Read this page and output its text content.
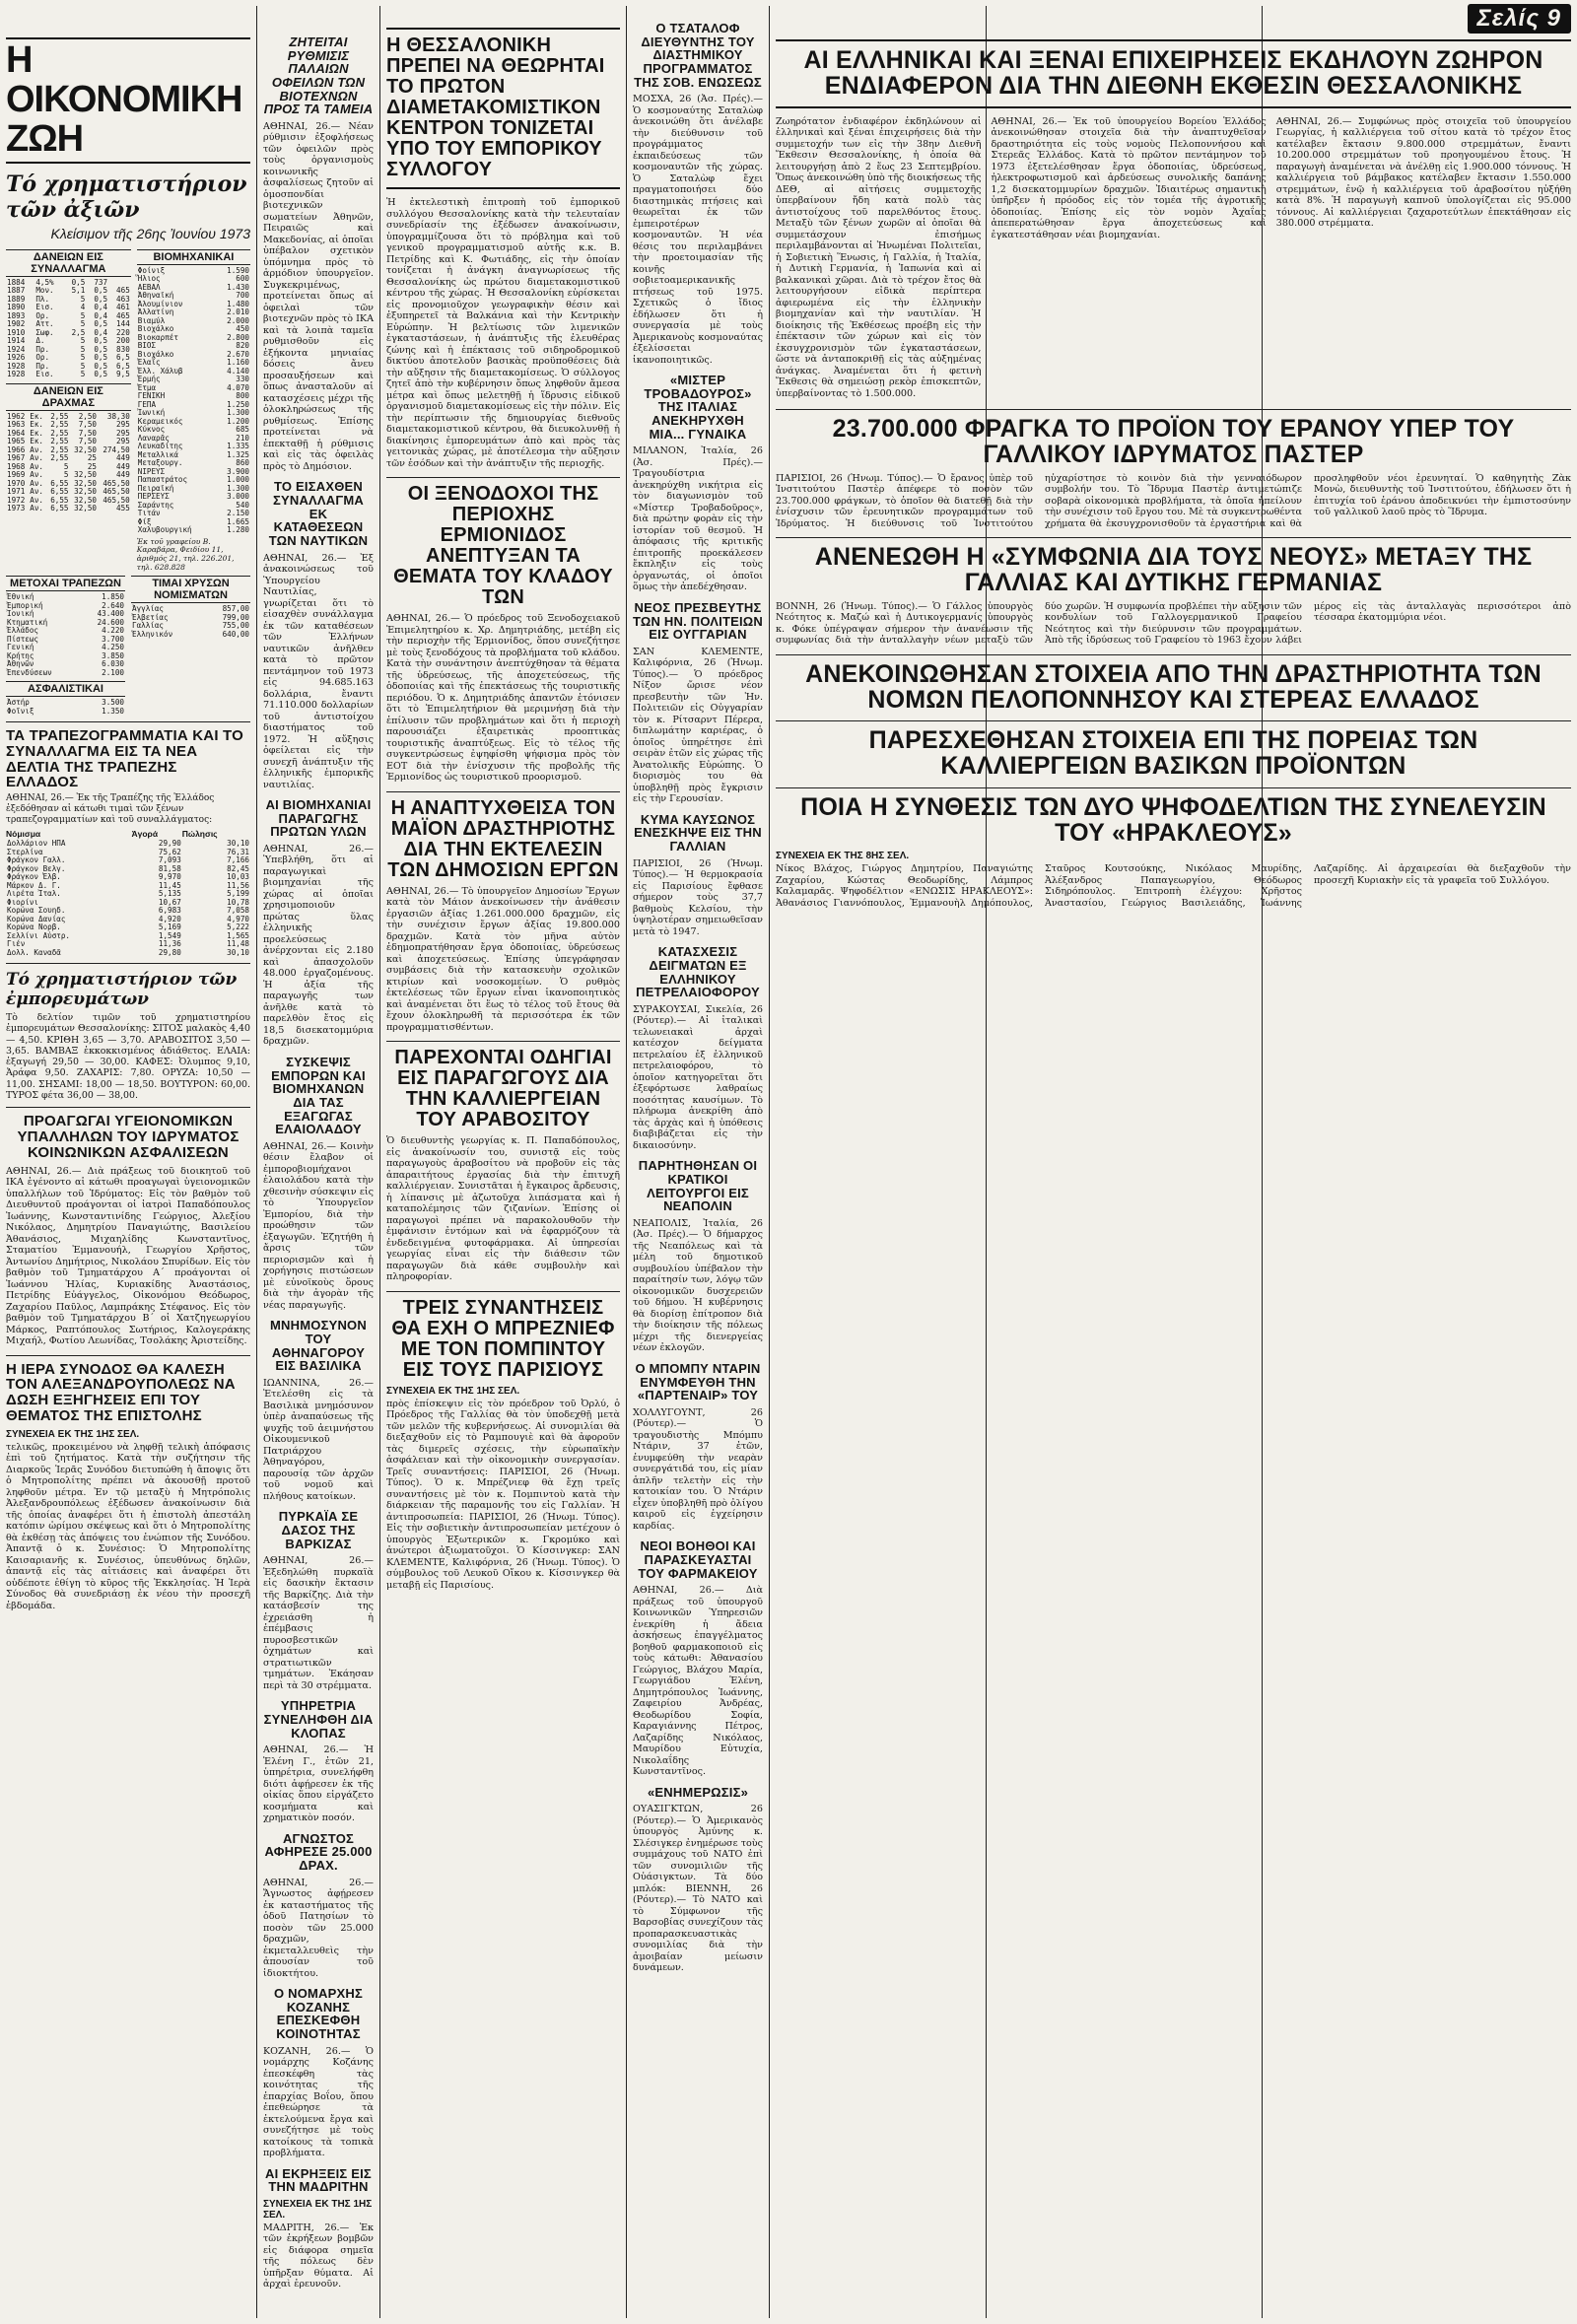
Η ΟΙΚΟΝΟΜΙΚΗ ΖΩΗ
Τό χρηματιστήριον τῶν ἀξιῶν
Κλείσιμον τῆς 26ης Ἰουνίου 1973
ΔΑΝΕΙΩΝ ΕΙΣ ΣΥΝΑΛΛΑΓΜΑ
1884	4,5%	0,5	737	
1887	Μον.	5,1	0,5	465
1889	Πλ.	5	0,5	463
1890	Εισ.	4	0,4	461
1893	Ορ.	5	0,4	465
1902	Αττ.	5	0,5	144
1910	Σωφ.	2,5	0,4	220
1914	Δ.	5	0,5	200
1924	Πρ.	5	0,5	830
1926	Ορ.	5	0,5	6,5
1928	Πρ.	5	0,5	6,5
1928	Εισ.	5	0,5	9,5
ΔΑΝΕΙΩΝ ΕΙΣ ΔΡΑΧΜΑΣ
1962	Εκ.	2,55	2,50	38,30
1963	Εκ.	2,55	7,50	295
1964	Εκ.	2,55	7,50	295
1965	Εκ.	2,55	7,50	295
1966	Αν.	2,55	32,50	274,50
1967	Αν.	2,55	25	449
1968	Αν.	5	25	449
1969	Αν.	5	32,50	449
1970	Αν.	6,55	32,50	465,50
1971	Αν.	6,55	32,50	465,50
1972	Αν.	6,55	32,50	465,50
1973	Αν.	6,55	32,50	455
ΒΙΟΜΗΧΑΝΙΚΑΙ
Φοίνιξ	1.590
Ἥλιος	600
ΑΕΒΑΛ	1.430
Ἀθηναϊκή	700
Ἀλουμίνιον	1.480
Ἀλλατίνη	2.010
Βιαμύλ	2.000
Βιοχάλκο	450
Βιοκαρπέτ	2.800
ΒΙΟΣ	820
Βιοχάλκο	2.670
Ἐλαΐς	1.160
Ἐλλ. Χάλυβ	4.140
Ἑρμής	330
Ἐτμα	4.070
ΓΕΝΙΚΗ	800
ΓΕΠΑ	1.250
Ἰωνική	1.300
Κεραμεικός	1.200
Κύκνος	685
Λαναρᾶς	210
Λευκαδίτης	1.335
Μεταλλικά	1.325
Μεταξουργ.	860
ΝΙΡΕΥΣ	3.900
Παπαστράτος	1.000
Πειραϊκή	1.300
ΠΕΡΣΕΥΣ	3.000
Σαράντης	540
Τιτάν	2.150
Φίξ	1.665
Χαλυβουργική	1.280

Ἐκ τοῦ γραφείου Β. Καραβάρα, Φειδίου 11, ἀριθμός 21, τηλ. 226.201, τηλ. 628.828

ΜΕΤΟΧΑΙ ΤΡΑΠΕΖΩΝ
Ἐθνική	1.850
Ἐμπορική	2.640
Ἰονική	43.400
Κτηματική	24.600
Ἐλλάδος	4.220
Πίστεως	3.700
Γενική	4.250
Κρήτης	3.850
Ἀθηνῶν	6.030
Ἐπενδύσεων	2.100
ΑΣΦΑΛΙΣΤΙΚΑΙ
Ἀστήρ	3.500
Φοῖνιξ	1.350
ΤΙΜΑΙ ΧΡΥΣΩΝ ΝΟΜΙΣΜΑΤΩΝ
Ἀγγλίας	857,00
Ἐλβετίας	799,00
Γαλλίας	755,00
Ἑλληνικόν	640,00
ΤΑ ΤΡΑΠΕΖΟΓΡΑΜΜΑΤΙΑ ΚΑΙ ΤΟ ΣΥΝΑΛΛΑΓΜΑ ΕΙΣ ΤΑ ΝΕΑ ΔΕΛΤΙΑ ΤΗΣ ΤΡΑΠΕΖΗΣ ΕΛΛΑΔΟΣ

ΑΘΗΝΑΙ, 26.— Ἐκ τῆς Τραπέζης τῆς Ἑλλάδος ἐξεδόθησαν αἱ κάτωθι τιμαὶ τῶν ξένων τραπεζογραμματίων καὶ τοῦ συναλλάγματος:

Νόμισμα	Ἀγορά	Πώλησις
Δολλάριον ΗΠΑ	29,90	30,10
Στερλίνα	75,62	76,31
Φράγκον Γαλλ.	7,093	7,166
Φράγκον Βελγ.	81,58	82,45
Φράγκον Ἐλβ.	9,970	10,03
Μάρκον Δ. Γ.	11,45	11,56
Λιρέτα Ἰταλ.	5,135	5,199
Φιορίνι	10,67	10,78
Κορώνα Σουηδ.	6,983	7,058
Κορώνα Δανίας	4,920	4,970
Κορώνα Νορβ.	5,169	5,222
Σελλίνι Αὐστρ.	1,549	1,565
Γιέν	11,36	11,48
Δολλ. Καναδᾶ	29,80	30,10
Τό χρηματιστήριον τῶν ἐμπορευμάτων

Τὸ δελτίον τιμῶν τοῦ χρηματιστηρίου ἐμπορευμάτων Θεσσαλονίκης: ΣΙΤΟΣ μαλακὸς 4,40 — 4,50. ΚΡΙΘΗ 3,65 — 3,70. ΑΡΑΒΟΣΙΤΟΣ 3,50 — 3,65. ΒΑΜΒΑΞ ἐκκοκκισμένος ἀδιάθετος. ΕΛΑΙΑ: ἐξαγωγή 29,50 — 30,00. ΚΑΦΕΣ: Ὀλυμπος 9,10, Ἀράφα 9,50. ΖΑΧΑΡΙΣ: 7,80. ΟΡΥΖΑ: 10,50 — 11,00. ΣΗΣΑΜΙ: 18,00 — 18,50. ΒΟΥΤΥΡΟΝ: 60,00. ΤΥΡΟΣ φέτα 36,00 — 38,00.

ΠΡΟΑΓΩΓΑΙ ΥΓΕΙΟΝΟΜΙΚΩΝ ΥΠΑΛΛΗΛΩΝ ΤΟΥ ΙΔΡΥΜΑΤΟΣ ΚΟΙΝΩΝΙΚΩΝ ΑΣΦΑΛΙΣΕΩΝ

ΑΘΗΝΑΙ, 26.— Διὰ πράξεως τοῦ διοικητοῦ τοῦ ΙΚΑ ἐγένοντο αἱ κάτωθι προαγωγαὶ ὑγειονομικῶν ὑπαλλήλων τοῦ Ἱδρύματος: Εἰς τὸν βαθμὸν τοῦ Διευθυντοῦ προάγονται οἱ ἰατροὶ Παπαδόπουλος Ἰωάννης, Κωνσταντινίδης Γεώργιος, Ἀλεξίου Νικόλαος, Δημητρίου Παναγιώτης, Βασιλείου Ἀθανάσιος, Μιχαηλίδης Κωνσταντῖνος, Σταματίου Ἐμμανουήλ, Γεωργίου Χρῆστος, Ἀντωνίου Δημήτριος, Νικολάου Σπυρίδων. Εἰς τὸν βαθμὸν τοῦ Τμηματάρχου Α΄ προάγονται οἱ Ἰωάννου Ἠλίας, Κυριακίδης Ἀναστάσιος, Πετρίδης Εὐάγγελος, Οἰκονόμου Θεόδωρος, Ζαχαρίου Παῦλος, Λαμπράκης Στέφανος. Εἰς τὸν βαθμὸν τοῦ Τμηματάρχου Β΄ οἱ Χατζηγεωργίου Μάρκος, Ραπτόπουλος Σωτήριος, Καλογεράκης Μιχαήλ, Φωτίου Λεωνίδας, Τσολάκης Ἀριστείδης.

Η ΙΕΡΑ ΣΥΝΟΔΟΣ ΘΑ ΚΑΛΕΣΗ ΤΟΝ ΑΛΕΞΑΝΔΡΟΥΠΟΛΕΩΣ ΝΑ ΔΩΣΗ ΕΞΗΓΗΣΕΙΣ ΕΠΙ ΤΟΥ ΘΕΜΑΤΟΣ ΤΗΣ ΕΠΙΣΤΟΛΗΣ
ΣΥΝΕΧΕΙΑ ΕΚ ΤΗΣ 1ΗΣ ΣΕΛ.

τελικῶς, προκειμένου νὰ ληφθῇ τελικὴ ἀπόφασις ἐπὶ τοῦ ζητήματος. Κατὰ τὴν συζήτησιν τῆς Διαρκοῦς Ἱερᾶς Συνόδου διετυπώθη ἡ ἄποψις ὅτι ὁ Μητροπολίτης πρέπει νὰ ἀκουσθῇ προτοῦ ληφθοῦν μέτρα. Ἐν τῷ μεταξὺ ἡ Μητρόπολις Ἀλεξανδρουπόλεως ἐξέδωσεν ἀνακοίνωσιν διὰ τῆς ὁποίας ἀναφέρει ὅτι ἡ ἐπιστολὴ ἀπεστάλη κατόπιν ὡρίμου σκέψεως καὶ ὅτι ὁ Μητροπολίτης θὰ ἐκθέσῃ τὰς ἀπόψεις του ἐνώπιον τῆς Συνόδου. Ἀπαντᾷ ὁ κ. Συνέσιος: Ὁ Μητροπολίτης Καισαριανῆς κ. Συνέσιος, ὑπευθύνως δηλῶν, ἀπαντᾷ εἰς τὰς αἰτιάσεις καὶ ἀναφέρει ὅτι οὐδέποτε ἐθίγη τὸ κῦρος τῆς Ἐκκλησίας. Ἡ Ἱερὰ Σύνοδος θὰ συνεδριάσῃ ἐκ νέου τὴν προσεχῆ ἑβδομάδα.

ΖΗΤΕΙΤΑΙ ΡΥΘΜΙΣΙΣ ΠΑΛΑΙΩΝ ΟΦΕΙΛΩΝ ΤΩΝ ΒΙΟΤΕΧΝΩΝ ΠΡΟΣ ΤΑ ΤΑΜΕΙΑ

ΑΘΗΝΑΙ, 26.— Νέαν ρύθμισιν ἐξοφλήσεως τῶν ὀφειλῶν πρὸς τοὺς ὀργανισμοὺς κοινωνικῆς ἀσφαλίσεως ζητοῦν αἱ ὁμοσπονδίαι βιοτεχνικῶν σωματείων Ἀθηνῶν, Πειραιῶς καὶ Μακεδονίας, αἱ ὁποῖαι ὑπέβαλον σχετικὸν ὑπόμνημα πρὸς τὸ ἁρμόδιον ὑπουργεῖον. Συγκεκριμένως, προτείνεται ὅπως αἱ ὀφειλαὶ τῶν βιοτεχνῶν πρὸς τὸ ΙΚΑ καὶ τὰ λοιπὰ ταμεῖα ρυθμισθοῦν εἰς ἑξήκοντα μηνιαίας δόσεις ἄνευ προσαυξήσεων καὶ ὅπως ἀνασταλοῦν αἱ κατασχέσεις μέχρι τῆς ὁλοκληρώσεως τῆς ρυθμίσεως. Ἐπίσης προτείνεται νὰ ἐπεκταθῇ ἡ ρύθμισις καὶ εἰς τὰς ὀφειλὰς πρὸς τὸ Δημόσιον.

ΤΟ ΕΙΣΑΧΘΕΝ ΣΥΝΑΛΛΑΓΜΑ ΕΚ ΚΑΤΑΘΕΣΕΩΝ ΤΩΝ ΝΑΥΤΙΚΩΝ

ΑΘΗΝΑΙ, 26.— Ἐξ ἀνακοινώσεως τοῦ Ὑπουργείου Ναυτιλίας, γνωρίζεται ὅτι τὸ εἰσαχθὲν συνάλλαγμα ἐκ τῶν καταθέσεων τῶν Ἑλλήνων ναυτικῶν ἀνῆλθεν κατὰ τὸ πρῶτον πεντάμηνον τοῦ 1973 εἰς 94.685.163 δολλάρια, ἔναντι 71.110.000 δολλαρίων τοῦ ἀντιστοίχου διαστήματος τοῦ 1972. Ἡ αὔξησις ὀφείλεται εἰς τὴν συνεχῆ ἀνάπτυξιν τῆς ἑλληνικῆς ἐμπορικῆς ναυτιλίας.

ΑΙ ΒΙΟΜΗΧΑΝΙΑΙ ΠΑΡΑΓΩΓΗΣ ΠΡΩΤΩΝ ΥΛΩΝ

ΑΘΗΝΑΙ, 26.— Ὑπεβλήθη, ὅτι αἱ παραγωγικαὶ βιομηχανίαι τῆς χώρας αἱ ὁποῖαι χρησιμοποιοῦν πρώτας ὕλας ἑλληνικῆς προελεύσεως ἀνέρχονται εἰς 2.180 καὶ ἀπασχολοῦν 48.000 ἐργαζομένους. Ἡ ἀξία τῆς παραγωγῆς των ἀνῆλθε κατὰ τὸ παρελθὸν ἔτος εἰς 18,5 δισεκατομμύρια δραχμῶν.

ΣΥΣΚΕΨΙΣ ΕΜΠΟΡΩΝ ΚΑΙ ΒΙΟΜΗΧΑΝΩΝ ΔΙΑ ΤΑΣ ΕΞΑΓΩΓΑΣ ΕΛΑΙΟΛΑΔΟΥ

ΑΘΗΝΑΙ, 26.— Κοινὴν θέσιν ἔλαβον οἱ ἐμποροβιομήχανοι ἐλαιολάδου κατὰ τὴν χθεσινὴν σύσκεψιν εἰς τὸ Ὑπουργεῖον Ἐμπορίου, διὰ τὴν προώθησιν τῶν ἐξαγωγῶν. Ἐζητήθη ἡ ἄρσις τῶν περιορισμῶν καὶ ἡ χορήγησις πιστώσεων μὲ εὐνοϊκοὺς ὅρους διὰ τὴν ἀγορὰν τῆς νέας παραγωγῆς.

ΜΝΗΜΟΣΥΝΟΝ ΤΟΥ ΑΘΗΝΑΓΟΡΟΥ ΕΙΣ ΒΑΣΙΛΙΚΑ

ΙΩΑΝΝΙΝΑ, 26.— Ἐτελέσθη εἰς τὰ Βασιλικὰ μνημόσυνον ὑπὲρ ἀναπαύσεως τῆς ψυχῆς τοῦ ἀειμνήστου Οἰκουμενικοῦ Πατριάρχου Ἀθηναγόρου, παρουσίᾳ τῶν ἀρχῶν τοῦ νομοῦ καὶ πλήθους κατοίκων.

ΠΥΡΚΑΪΑ ΣΕ ΔΑΣΟΣ ΤΗΣ ΒΑΡΚΙΖΑΣ

ΑΘΗΝΑΙ, 26.— Ἐξεδηλώθη πυρκαϊὰ εἰς δασικὴν ἔκτασιν τῆς Βαρκίζης. Διὰ τὴν κατάσβεσίν της ἐχρειάσθη ἡ ἐπέμβασις πυροσβεστικῶν ὀχημάτων καὶ στρατιωτικῶν τμημάτων. Ἐκάησαν περὶ τὰ 30 στρέμματα.

ΥΠΗΡΕΤΡΙΑ ΣΥΝΕΛΗΦΘΗ ΔΙΑ ΚΛΟΠΑΣ

ΑΘΗΝΑΙ, 26.— Ἡ Ἑλένη Γ., ἐτῶν 21, ὑπηρέτρια, συνελήφθη διότι ἀφῄρεσεν ἐκ τῆς οἰκίας ὅπου εἰργάζετο κοσμήματα καὶ χρηματικὸν ποσόν.

ΑΓΝΩΣΤΟΣ ΑΦΗΡΕΣΕ 25.000 ΔΡΑΧ.

ΑΘΗΝΑΙ, 26.— Ἄγνωστος ἀφῄρεσεν ἐκ καταστήματος τῆς ὁδοῦ Πατησίων τὸ ποσὸν τῶν 25.000 δραχμῶν, ἐκμεταλλευθεὶς τὴν ἀπουσίαν τοῦ ἰδιοκτήτου.

Ο ΝΟΜΑΡΧΗΣ ΚΟΖΑΝΗΣ ΕΠΕΣΚΕΦΘΗ ΚΟΙΝΟΤΗΤΑΣ

ΚΟΖΑΝΗ, 26.— Ὁ νομάρχης Κοζάνης ἐπεσκέφθη τὰς κοινότητας τῆς ἐπαρχίας Βοΐου, ὅπου ἐπεθεώρησε τὰ ἐκτελούμενα ἔργα καὶ συνεζήτησε μὲ τοὺς κατοίκους τὰ τοπικὰ προβλήματα.

ΑΙ ΕΚΡΗΞΕΙΣ ΕΙΣ ΤΗΝ ΜΑΔΡΙΤΗΝ
ΣΥΝΕΧΕΙΑ ΕΚ ΤΗΣ 1ΗΣ ΣΕΛ.

ΜΑΔΡΙΤΗ, 26.— Ἐκ τῶν ἐκρήξεων βομβῶν εἰς διάφορα σημεῖα τῆς πόλεως δὲν ὑπῆρξαν θύματα. Αἱ ἀρχαὶ ἐρευνοῦν.

Η ΘΕΣΣΑΛΟΝΙΚΗ ΠΡΕΠΕΙ ΝΑ ΘΕΩΡΗΤΑΙ ΤΟ ΠΡΩΤΟΝ ΔΙΑΜΕΤΑΚΟΜΙΣΤΙΚΟΝ ΚΕΝΤΡΟΝ ΤΟΝΙΖΕΤΑΙ ΥΠΟ ΤΟΥ ΕΜΠΟΡΙΚΟΥ ΣΥΛΛΟΓΟΥ

Ἡ ἐκτελεστικὴ ἐπιτροπὴ τοῦ ἐμπορικοῦ συλλόγου Θεσσαλονίκης κατὰ τὴν τελευταίαν συνεδρίασίν της ἐξέδωσεν ἀνακοίνωσιν, ὑπογραμμίζουσα ὅτι τὸ πρόβλημα καὶ τοῦ γενικοῦ προγραμματισμοῦ αὐτῆς κ.κ. Β. Πετρίδης καὶ Κ. Φωτιάδης, εἰς τὴν ὁποίαν τονίζεται ἡ ἀνάγκη ἀναγνωρίσεως τῆς Θεσσαλονίκης ὡς πρώτου διαμετακομιστικοῦ κέντρου τῆς χώρας. Ἡ Θεσσαλονίκη εὑρίσκεται εἰς προνομιοῦχον γεωγραφικὴν θέσιν καὶ ἐξυπηρετεῖ τὰ Βαλκάνια καὶ τὴν Κεντρικὴν Εὐρώπην. Ἡ βελτίωσις τῶν λιμενικῶν ἐγκαταστάσεων, ἡ ἀνάπτυξις τῆς ἐλευθέρας ζώνης καὶ ἡ ἐπέκτασις τοῦ σιδηροδρομικοῦ δικτύου ἀποτελοῦν βασικὰς προϋποθέσεις διὰ τὴν αὔξησιν τῆς διαμετακομίσεως. Ὁ σύλλογος ζητεῖ ἀπὸ τὴν κυβέρνησιν ὅπως ληφθοῦν ἄμεσα μέτρα καὶ ὅπως μελετηθῇ ἡ ἵδρυσις εἰδικοῦ ὀργανισμοῦ διαμετακομίσεως εἰς τὴν πόλιν. Εἰς τὴν περίπτωσιν τῆς δημιουργίας διεθνοῦς διαμετακομιστικοῦ κέντρου, θὰ διευκολυνθῇ ἡ διακίνησις ἐμπορευμάτων ἀπὸ καὶ πρὸς τὰς γειτονικὰς χώρας, μὲ ἀποτέλεσμα τὴν αὔξησιν τῶν ἐσόδων καὶ τὴν ἀνάπτυξιν τῆς περιοχῆς.

ΟΙ ΞΕΝΟΔΟΧΟΙ ΤΗΣ ΠΕΡΙΟΧΗΣ ΕΡΜΙΟΝΙΔΟΣ ΑΝΕΠΤΥΞΑΝ ΤΑ ΘΕΜΑΤΑ ΤΟΥ ΚΛΑΔΟΥ ΤΩΝ

ΑΘΗΝΑΙ, 26.— Ὁ πρόεδρος τοῦ Ξενοδοχειακοῦ Ἐπιμελητηρίου κ. Χρ. Δημητριάδης, μετέβη εἰς τὴν περιοχὴν τῆς Ἑρμιονίδος, ὅπου συνεζήτησε μὲ τοὺς ξενοδόχους τὰ προβλήματα τοῦ κλάδου. Κατὰ τὴν συνάντησιν ἀνεπτύχθησαν τὰ θέματα τῆς ὑδρεύσεως, τῆς ἀποχετεύσεως, τῆς ὁδοποιίας καὶ τῆς ἐπεκτάσεως τῆς τουριστικῆς περιόδου. Ὁ κ. Δημητριάδης ἀπαντῶν ἐτόνισεν ὅτι τὸ Ἐπιμελητήριον θὰ μεριμνήσῃ διὰ τὴν ἐπίλυσιν τῶν προβλημάτων καὶ ὅτι ἡ περιοχὴ παρουσιάζει ἐξαιρετικὰς προοπτικὰς τουριστικῆς ἀναπτύξεως. Εἰς τὸ τέλος τῆς συγκεντρώσεως ἐψηφίσθη ψήφισμα πρὸς τὸν ΕΟΤ διὰ τὴν ἐνίσχυσιν τῆς προβολῆς τῆς Ἑρμιονίδος ὡς τουριστικοῦ προορισμοῦ.

Η ΑΝΑΠΤΥΧΘΕΙΣΑ ΤΟΝ ΜΑΪΟΝ ΔΡΑΣΤΗΡΙΟΤΗΣ ΔΙΑ ΤΗΝ ΕΚΤΕΛΕΣΙΝ ΤΩΝ ΔΗΜΟΣΙΩΝ ΕΡΓΩΝ

ΑΘΗΝΑΙ, 26.— Τὸ ὑπουργεῖον Δημοσίων Ἔργων κατὰ τὸν Μάιον ἀνεκοίνωσεν τὴν ἀνάθεσιν ἐργασιῶν ἀξίας 1.261.000.000 δραχμῶν, εἰς τὴν συνέχισιν ἔργων ἀξίας 19.800.000 δραχμῶν. Κατὰ τὸν μῆνα αὐτὸν ἐδημοπρατήθησαν ἔργα ὁδοποιίας, ὑδρεύσεως καὶ ἀποχετεύσεως. Ἐπίσης ὑπεγράφησαν συμβάσεις διὰ τὴν κατασκευὴν σχολικῶν κτιρίων καὶ νοσοκομείων. Ὁ ρυθμὸς ἐκτελέσεως τῶν ἔργων εἶναι ἱκανοποιητικὸς καὶ ἀναμένεται ὅτι ἕως τὸ τέλος τοῦ ἔτους θὰ ἔχουν ὁλοκληρωθῆ τὰ περισσότερα ἐκ τῶν προγραμματισθέντων.

ΠΑΡΕΧΟΝΤΑΙ ΟΔΗΓΙΑΙ ΕΙΣ ΠΑΡΑΓΩΓΟΥΣ ΔΙΑ ΤΗΝ ΚΑΛΛΙΕΡΓΕΙΑΝ ΤΟΥ ΑΡΑΒΟΣΙΤΟΥ

Ὁ διευθυντὴς γεωργίας κ. Π. Παπαδόπουλος, εἰς ἀνακοίνωσίν του, συνιστᾷ εἰς τοὺς παραγωγοὺς ἀραβοσίτου νὰ προβοῦν εἰς τὰς ἀπαραιτήτους ἐργασίας διὰ τὴν ἐπιτυχῆ καλλιέργειαν. Συνιστᾶται ἡ ἔγκαιρος ἄρδευσις, ἡ λίπανσις μὲ ἀζωτοῦχα λιπάσματα καὶ ἡ καταπολέμησις τῶν ζιζανίων. Ἐπίσης οἱ παραγωγοὶ πρέπει νὰ παρακολουθοῦν τὴν ἐμφάνισιν ἐντόμων καὶ νὰ ἐφαρμόζουν τὰ ἐνδεδειγμένα φυτοφάρμακα. Αἱ ὑπηρεσίαι γεωργίας εἶναι εἰς τὴν διάθεσιν τῶν παραγωγῶν διὰ κάθε συμβουλὴν καὶ πληροφορίαν.

ΤΡΕΙΣ ΣΥΝΑΝΤΗΣΕΙΣ ΘΑ ΕΧΗ Ο ΜΠΡΕΖΝΙΕΦ ΜΕ ΤΟΝ ΠΟΜΠΙΝΤΟΥ ΕΙΣ ΤΟΥΣ ΠΑΡΙΣΙΟΥΣ
ΣΥΝΕΧΕΙΑ ΕΚ ΤΗΣ 1ΗΣ ΣΕΛ.

πρὸς ἐπίσκεψιν εἰς τὸν πρόεδρον τοῦ Ὀρλύ, ὁ Πρόεδρος τῆς Γαλλίας θὰ τὸν ὑποδεχθῇ μετὰ τῶν μελῶν τῆς κυβερνήσεως. Αἱ συνομιλίαι θὰ διεξαχθοῦν εἰς τὸ Ραμπουγιὲ καὶ θὰ ἀφοροῦν τὰς διμερεῖς σχέσεις, τὴν εὐρωπαϊκὴν ἀσφάλειαν καὶ τὴν οἰκονομικὴν συνεργασίαν. Τρεῖς συναντήσεις: ΠΑΡΙΣΙΟΙ, 26 (Ἠνωμ. Τύπος). Ὁ κ. Μπρέζνιεφ θὰ ἔχῃ τρεῖς συναντήσεις μὲ τὸν κ. Πομπιντοὺ κατὰ τὴν διάρκειαν τῆς παραμονῆς του εἰς Γαλλίαν. Ἡ ἀντιπροσωπεία: ΠΑΡΙΣΙΟΙ, 26 (Ἠνωμ. Τύπος). Εἰς τὴν σοβιετικὴν ἀντιπροσωπείαν μετέχουν ὁ ὑπουργὸς Ἐξωτερικῶν κ. Γκρομύκο καὶ ἀνώτεροι ἀξιωματοῦχοι. Ὁ Κίσσινγκερ: ΣΑΝ ΚΛΕΜΕΝΤΕ, Καλιφόρνια, 26 (Ἠνωμ. Τύπος). Ὁ σύμβουλος τοῦ Λευκοῦ Οἴκου κ. Κίσσινγκερ θὰ μεταβῇ εἰς Παρισίους.

Ο ΤΣΑΤΑΛΟΦ ΔΙΕΥΘΥΝΤΗΣ ΤΟΥ ΔΙΑΣΤΗΜΙΚΟΥ ΠΡΟΓΡΑΜΜΑΤΟΣ ΤΗΣ ΣΟΒ. ΕΝΩΣΕΩΣ

ΜΟΣΧΑ, 26 (Ἀσ. Πρές).— Ὁ κοσμοναύτης Σαταλὼφ ἀνεκοινώθη ὅτι ἀνέλαβε τὴν διεύθυνσιν τοῦ προγράμματος ἐκπαιδεύσεως τῶν κοσμοναυτῶν τῆς χώρας. Ὁ Σαταλὼφ ἔχει πραγματοποιήσει δύο διαστημικὰς πτήσεις καὶ θεωρεῖται ἐκ τῶν ἐμπειροτέρων κοσμοναυτῶν. Ἡ νέα θέσις του περιλαμβάνει τὴν προετοιμασίαν τῆς κοινῆς σοβιετοαμερικανικῆς πτήσεως τοῦ 1975. Σχετικῶς ὁ ἴδιος ἐδήλωσεν ὅτι ἡ συνεργασία μὲ τοὺς Ἀμερικανοὺς κοσμοναύτας ἐξελίσσεται ἱκανοποιητικῶς.

«ΜΙΣΤΕΡ ΤΡΟΒΑΔΟΥΡΟΣ» ΤΗΣ ΙΤΑΛΙΑΣ ΑΝΕΚΗΡΥΧΘΗ ΜΙΑ... ΓΥΝΑΙΚΑ

ΜΙΛΑΝΟΝ, Ἰταλία, 26 (Ἀσ. Πρές).— Τραγουδίστρια ἀνεκηρύχθη νικήτρια εἰς τὸν διαγωνισμὸν τοῦ «Μίστερ Τροβαδοῦρος», διὰ πρώτην φορὰν εἰς τὴν ἱστορίαν τοῦ θεσμοῦ. Ἡ ἀπόφασις τῆς κριτικῆς ἐπιτροπῆς προεκάλεσεν ἔκπληξιν εἰς τοὺς ὀργανωτάς, οἱ ὁποῖοι ὅμως τὴν ἀπεδέχθησαν.

ΝΕΟΣ ΠΡΕΣΒΕΥΤΗΣ ΤΩΝ ΗΝ. ΠΟΛΙΤΕΙΩΝ ΕΙΣ ΟΥΓΓΑΡΙΑΝ

ΣΑΝ ΚΛΕΜΕΝΤΕ, Καλιφόρνια, 26 (Ἠνωμ. Τύπος).— Ὁ πρόεδρος Νίξον ὤρισε νέον πρεσβευτὴν τῶν Ἡν. Πολιτειῶν εἰς Οὐγγαρίαν τὸν κ. Ρίτσαρντ Πέρερα, διπλωμάτην καριέρας, ὁ ὁποῖος ὑπηρέτησε ἐπὶ σειρὰν ἐτῶν εἰς χώρας τῆς Ἀνατολικῆς Εὐρώπης. Ὁ διορισμὸς του θὰ ὑποβληθῇ πρὸς ἔγκρισιν εἰς τὴν Γερουσίαν.

ΚΥΜΑ ΚΑΥΣΩΝΟΣ ΕΝΕΣΚΗΨΕ ΕΙΣ ΤΗΝ ΓΑΛΛΙΑΝ

ΠΑΡΙΣΙΟΙ, 26 (Ἠνωμ. Τύπος).— Ἡ θερμοκρασία εἰς Παρισίους ἔφθασε σήμερον τοὺς 37,7 βαθμοὺς Κελσίου, τὴν ὑψηλοτέραν σημειωθεῖσαν μετὰ τὸ 1947.

ΚΑΤΑΣΧΕΣΙΣ ΔΕΙΓΜΑΤΩΝ ΕΞ ΕΛΛΗΝΙΚΟΥ ΠΕΤΡΕΛΑΙΟΦΟΡΟΥ

ΣΥΡΑΚΟΥΣΑΙ, Σικελία, 26 (Ρόυτερ).— Αἱ ἰταλικαὶ τελωνειακαὶ ἀρχαὶ κατέσχον δείγματα πετρελαίου ἐξ ἑλληνικοῦ πετρελαιοφόρου, τὸ ὁποῖον κατηγορεῖται ὅτι ἐξεφόρτωσε λαθραίως ποσότητας καυσίμων. Τὸ πλήρωμα ἀνεκρίθη ἀπὸ τὰς ἀρχὰς καὶ ἡ ὑπόθεσις διαβιβάζεται εἰς τὴν δικαιοσύνην.

ΠΑΡΗΤΗΘΗΣΑΝ ΟΙ ΚΡΑΤΙΚΟΙ ΛΕΙΤΟΥΡΓΟΙ ΕΙΣ ΝΕΑΠΟΛΙΝ

ΝΕΑΠΟΛΙΣ, Ἰταλία, 26 (Ἀσ. Πρές).— Ὁ δήμαρχος τῆς Νεαπόλεως καὶ τὰ μέλη τοῦ δημοτικοῦ συμβουλίου ὑπέβαλον τὴν παραίτησίν των, λόγῳ τῶν οἰκονομικῶν δυσχερειῶν τοῦ δήμου. Ἡ κυβέρνησις θὰ διορίσῃ ἐπίτροπον διὰ τὴν διοίκησιν τῆς πόλεως μέχρι τῆς διενεργείας νέων ἐκλογῶν.

Ο ΜΠΟΜΠΥ ΝΤΑΡΙΝ ΕΝΥΜΦΕΥΘΗ ΤΗΝ «ΠΑΡΤΕΝΑΙΡ» ΤΟΥ

ΧΟΛΛΥΓΟΥΝΤ, 26 (Ρόυτερ).— Ὁ τραγουδιστὴς Μπόμπυ Ντάριν, 37 ἐτῶν, ἐνυμφεύθη τὴν νεαρὰν συνεργάτιδά του, εἰς μίαν ἁπλῆν τελετὴν εἰς τὴν κατοικίαν του. Ὁ Ντάριν εἶχεν ὑποβληθῆ πρὸ ὀλίγου καιροῦ εἰς ἐγχείρησιν καρδίας.

ΝΕΟΙ ΒΟΗΘΟΙ ΚΑΙ ΠΑΡΑΣΚΕΥΑΣΤΑΙ ΤΟΥ ΦΑΡΜΑΚΕΙΟΥ

ΑΘΗΝΑΙ, 26.— Διὰ πράξεως τοῦ ὑπουργοῦ Κοινωνικῶν Ὑπηρεσιῶν ἐνεκρίθη ἡ ἄδεια ἀσκήσεως ἐπαγγέλματος βοηθοῦ φαρμακοποιοῦ εἰς τοὺς κάτωθι: Ἀθανασίου Γεώργιος, Βλάχου Μαρία, Γεωργιάδου Ἑλένη, Δημητρόπουλος Ἰωάννης, Ζαφειρίου Ἀνδρέας, Θεοδωρίδου Σοφία, Καραγιάννης Πέτρος, Λαζαρίδης Νικόλαος, Μαυρίδου Εὐτυχία, Νικολαΐδης Κωνσταντῖνος.

«ΕΝΗΜΕΡΩΣΙΣ»

ΟΥΑΣΙΓΚΤΩΝ, 26 (Ρόυτερ).— Ὁ Ἀμερικανὸς ὑπουργὸς Ἀμύνης κ. Σλέσιγκερ ἐνημέρωσε τοὺς συμμάχους τοῦ ΝΑΤΟ ἐπὶ τῶν συνομιλιῶν τῆς Οὐάσιγκτων. Τὰ δύο μπλόκ: ΒΙΕΝΝΗ, 26 (Ρόυτερ).— Τὸ ΝΑΤΟ καὶ τὸ Σύμφωνον τῆς Βαρσοβίας συνεχίζουν τὰς προπαρασκευαστικὰς συνομιλίας διὰ τὴν ἀμοιβαίαν μείωσιν δυνάμεων.

Σελίς 9
ΑΙ ΕΛΛΗΝΙΚΑΙ ΚΑΙ ΞΕΝΑΙ ΕΠΙΧΕΙΡΗΣΕΙΣ ΕΚΔΗΛΟΥΝ ΖΩΗΡΟΝ ΕΝΔΙΑΦΕΡΟΝ ΔΙΑ ΤΗΝ ΔΙΕΘΝΗ ΕΚΘΕΣΙΝ ΘΕΣΣΑΛΟΝΙΚΗΣ

Ζωηρότατον ἐνδιαφέρον ἐκδηλώνουν αἱ ἑλληνικαὶ καὶ ξέναι ἐπιχειρήσεις διὰ τὴν συμμετοχήν των εἰς τὴν 38ην Διεθνῆ Ἔκθεσιν Θεσσαλονίκης, ἡ ὁποία θὰ λειτουργήσῃ ἀπὸ 2 ἕως 23 Σεπτεμβρίου. Ὅπως ἀνεκοινώθη ὑπὸ τῆς διοικήσεως τῆς ΔΕΘ, αἱ αἰτήσεις συμμετοχῆς ὑπερβαίνουν ἤδη κατὰ πολὺ τὰς ἀντιστοίχους τοῦ παρελθόντος ἔτους. Μεταξὺ τῶν ξένων χωρῶν αἱ ὁποῖαι θὰ συμμετάσχουν ἐπισήμως περιλαμβάνονται αἱ Ἡνωμέναι Πολιτεῖαι, ἡ Σοβιετικὴ Ἕνωσις, ἡ Γαλλία, ἡ Ἰταλία, ἡ Δυτικὴ Γερμανία, ἡ Ἰαπωνία καὶ αἱ βαλκανικαὶ χῶραι. Διὰ τὸ τρέχον ἔτος θὰ λειτουργήσουν εἰδικὰ περίπτερα ἀφιερωμένα εἰς τὴν ἑλληνικὴν βιομηχανίαν καὶ τὴν ναυτιλίαν. Ἡ διοίκησις τῆς Ἐκθέσεως προέβη εἰς τὴν ἐπέκτασιν τῶν χώρων καὶ εἰς τὸν ἐκσυγχρονισμὸν τῶν ἐγκαταστάσεων, ὥστε νὰ ἀνταποκριθῇ εἰς τὰς αὐξημένας ἀνάγκας. Ἀναμένεται ὅτι ἡ φετινὴ Ἔκθεσις θὰ σημειώσῃ ρεκὸρ ἐπισκεπτῶν, ὑπερβαίνοντας τὸ 1.500.000.

ΑΘΗΝΑΙ, 26.— Ἐκ τοῦ ὑπουργείου Βορείου Ἑλλάδος ἀνεκοινώθησαν στοιχεῖα διὰ τὴν ἀναπτυχθεῖσαν δραστηριότητα εἰς τοὺς νομοὺς Πελοποννήσου καὶ Στερεᾶς Ἑλλάδος. Κατὰ τὸ πρῶτον πεντάμηνον τοῦ 1973 ἐξετελέσθησαν ἔργα ὁδοποιίας, ὑδρεύσεως, ἠλεκτροφωτισμοῦ καὶ ἀρδεύσεως συνολικῆς δαπάνης 1,2 δισεκατομμυρίων δραχμῶν. Ἰδιαιτέρως σημαντικὴ ὑπῆρξεν ἡ πρόοδος εἰς τὸν τομέα τῆς ἀγροτικῆς ὁδοποιίας. Ἐπίσης εἰς τὸν νομὸν Ἀχαΐας ἀπεπερατώθησαν ἔργα ἀποχετεύσεως καὶ ἐγκατεστάθησαν νέαι βιομηχανίαι.

ΑΘΗΝΑΙ, 26.— Συμφώνως πρὸς στοιχεῖα τοῦ ὑπουργείου Γεωργίας, ἡ καλλιέργεια τοῦ σίτου κατὰ τὸ τρέχον ἔτος κατέλαβεν ἔκτασιν 9.800.000 στρεμμάτων, ἔναντι 10.200.000 στρεμμάτων τοῦ προηγουμένου ἔτους. Ἡ παραγωγὴ ἀναμένεται νὰ ἀνέλθῃ εἰς 1.900.000 τόννους. Ἡ καλλιέργεια τοῦ βάμβακος κατέλαβεν ἔκτασιν 1.550.000 στρεμμάτων, ἐνῷ ἡ καλλιέργεια τοῦ ἀραβοσίτου ηὐξήθη κατὰ 8%. Ἡ παραγωγὴ καπνοῦ ὑπολογίζεται εἰς 95.000 τόννους. Αἱ καλλιέργειαι ζαχαροτεύτλων ἐπεκτάθησαν εἰς 380.000 στρέμματα.

23.700.000 ΦΡΑΓΚΑ ΤΟ ΠΡΟΪΟΝ ΤΟΥ ΕΡΑΝΟΥ ΥΠΕΡ ΤΟΥ ΓΑΛΛΙΚΟΥ ΙΔΡΥΜΑΤΟΣ ΠΑΣΤΕΡ

ΠΑΡΙΣΙΟΙ, 26 (Ἠνωμ. Τύπος).— Ὁ ἔρανος ὑπὲρ τοῦ Ἰνστιτούτου Παστὲρ ἀπέφερε τὸ ποσὸν τῶν 23.700.000 φράγκων, τὸ ὁποῖον θὰ διατεθῇ διὰ τὴν ἐνίσχυσιν τῶν ἐρευνητικῶν προγραμμάτων τοῦ Ἱδρύματος. Ἡ διεύθυνσις τοῦ Ἰνστιτούτου ηὐχαρίστησε τὸ κοινὸν διὰ τὴν γενναιόδωρον συμβολήν του. Τὸ Ἵδρυμα Παστὲρ ἀντιμετώπιζε σοβαρὰ οἰκονομικὰ προβλήματα, τὰ ὁποῖα ἠπείλουν τὴν συνέχισιν τοῦ ἔργου του. Μὲ τὰ συγκεντρωθέντα χρήματα θὰ ἐκσυγχρονισθοῦν τὰ ἐργαστήρια καὶ θὰ προσληφθοῦν νέοι ἐρευνηταί. Ὁ καθηγητὴς Ζὰκ Μονὼ, διευθυντὴς τοῦ Ἰνστιτούτου, ἐδήλωσεν ὅτι ἡ ἐπιτυχία τοῦ ἐράνου ἀποδεικνύει τὴν ἐμπιστοσύνην τοῦ γαλλικοῦ λαοῦ πρὸς τὸ Ἵδρυμα.

ΑΝΕΝΕΩΘΗ Η «ΣΥΜΦΩΝΙΑ ΔΙΑ ΤΟΥΣ ΝΕΟΥΣ» ΜΕΤΑΞΥ ΤΗΣ ΓΑΛΛΙΑΣ ΚΑΙ ΔΥΤΙΚΗΣ ΓΕΡΜΑΝΙΑΣ

ΒΟΝΝΗ, 26 (Ἠνωμ. Τύπος).— Ὁ Γάλλος ὑπουργὸς Νεότητος κ. Μαζώ καὶ ἡ Δυτικογερμανίς ὑπουργὸς κ. Φόκε ὑπέγραψαν σήμερον τὴν ἀνανέωσιν τῆς συμφωνίας διὰ τὴν ἀνταλλαγὴν νέων μεταξὺ τῶν δύο χωρῶν. Ἡ συμφωνία προβλέπει τὴν αὔξησιν τῶν κονδυλίων τοῦ Γαλλογερμανικοῦ Γραφείου Νεότητος καὶ τὴν διεύρυνσιν τῶν προγραμμάτων. Ἀπὸ τῆς ἱδρύσεως τοῦ Γραφείου τὸ 1963 ἔχουν λάβει μέρος εἰς τὰς ἀνταλλαγὰς περισσότεροι ἀπὸ τέσσαρα ἑκατομμύρια νέοι.

ΑΝΕΚΟΙΝΩΘΗΣΑΝ ΣΤΟΙΧΕΙΑ ΑΠΟ ΤΗΝ ΔΡΑΣΤΗΡΙΟΤΗΤΑ ΤΩΝ ΝΟΜΩΝ ΠΕΛΟΠΟΝΝΗΣΟΥ ΚΑΙ ΣΤΕΡΕΑΣ ΕΛΛΑΔΟΣ
ΠΑΡΕΣΧΕΘΗΣΑΝ ΣΤΟΙΧΕΙΑ ΕΠΙ ΤΗΣ ΠΟΡΕΙΑΣ ΤΩΝ ΚΑΛΛΙΕΡΓΕΙΩΝ ΒΑΣΙΚΩΝ ΠΡΟΪΟΝΤΩΝ
ΠΟΙΑ Η ΣΥΝΘΕΣΙΣ ΤΩΝ ΔΥΟ ΨΗΦΟΔΕΛΤΙΩΝ ΤΗΣ ΣΥΝΕΛΕΥΣΙΝ ΤΟΥ «ΗΡΑΚΛΕΟΥΣ»
ΣΥΝΕΧΕΙΑ ΕΚ ΤΗΣ 8ΗΣ ΣΕΛ.

Νίκος Βλάχος, Γιώργος Δημητρίου, Παναγιώτης Ζαχαρίου, Κώστας Θεοδωρίδης, Λάμπρος Καλαμαρᾶς. Ψηφοδέλτιον «ΕΝΩΣΙΣ ΗΡΑΚΛΕΟΥΣ»: Ἀθανάσιος Γιαννόπουλος, Ἐμμανουὴλ Δημόπουλος, Σταῦρος Κουτσούκης, Νικόλαος Μαυρίδης, Ἀλέξανδρος Παπαγεωργίου, Θεόδωρος Σιδηρόπουλος. Ἐπιτροπὴ ἐλέγχου: Χρῆστος Ἀναστασίου, Γεώργιος Βασιλειάδης, Ἰωάννης Λαζαρίδης. Αἱ ἀρχαιρεσίαι θὰ διεξαχθοῦν τὴν προσεχῆ Κυριακὴν εἰς τὰ γραφεῖα τοῦ Συλλόγου.
